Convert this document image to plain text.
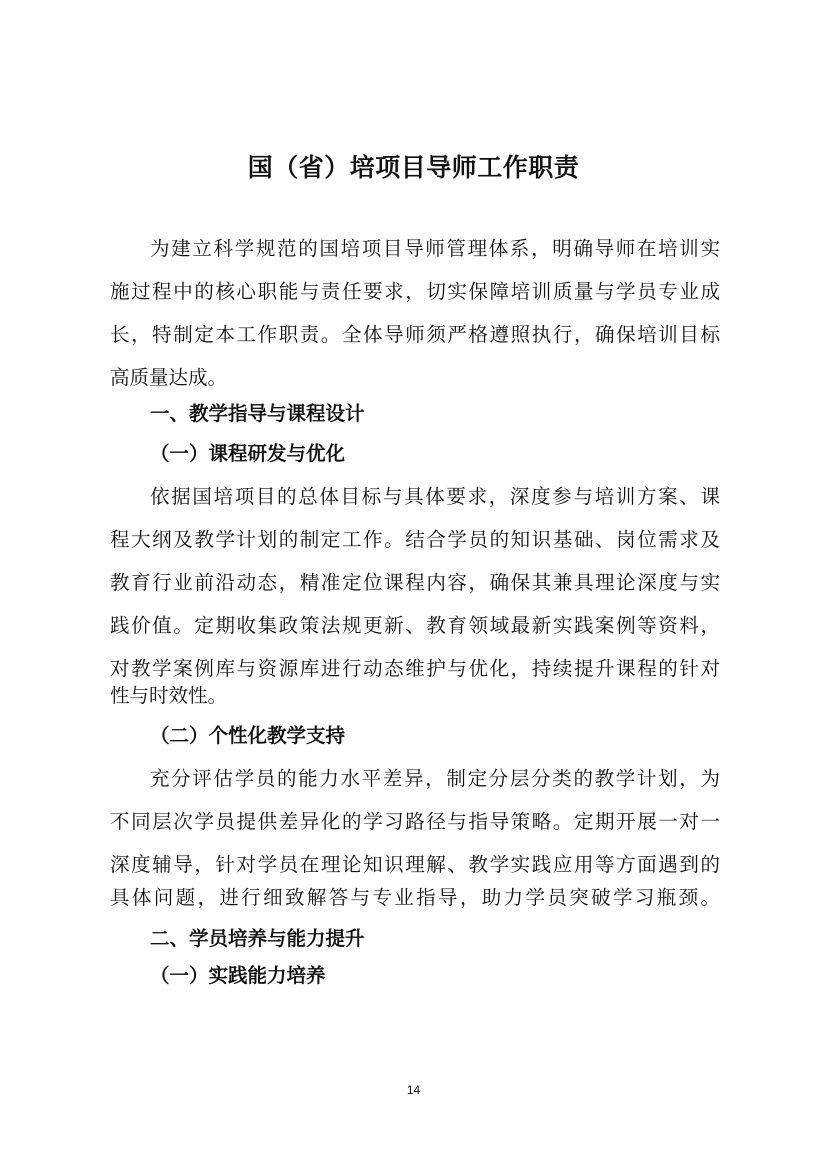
国（省）培项目导师工作职责

为建立科学规范的国培项目导师管理体系，明确导师在培训实

施过程中的核心职能与责任要求，切实保障培训质量与学员专业成

长，特制定本工作职责。全体导师须严格遵照执行，确保培训目标

高质量达成。

一、教学指导与课程设计

（一）课程研发与优化

依据国培项目的总体目标与具体要求，深度参与培训方案、课

程大纲及教学计划的制定工作。结合学员的知识基础、岗位需求及

教育行业前沿动态，精准定位课程内容，确保其兼具理论深度与实

践价值。定期收集政策法规更新、教育领域最新实践案例等资料，

对教学案例库与资源库进行动态维护与优化，持续提升课程的针对

性与时效性。

（二）个性化教学支持

充分评估学员的能力水平差异，制定分层分类的教学计划，为

不同层次学员提供差异化的学习路径与指导策略。定期开展一对一

深度辅导，针对学员在理论知识理解、教学实践应用等方面遇到的

具体问题，进行细致解答与专业指导，助力学员突破学习瓶颈。

二、学员培养与能力提升

（一）实践能力培养

14
